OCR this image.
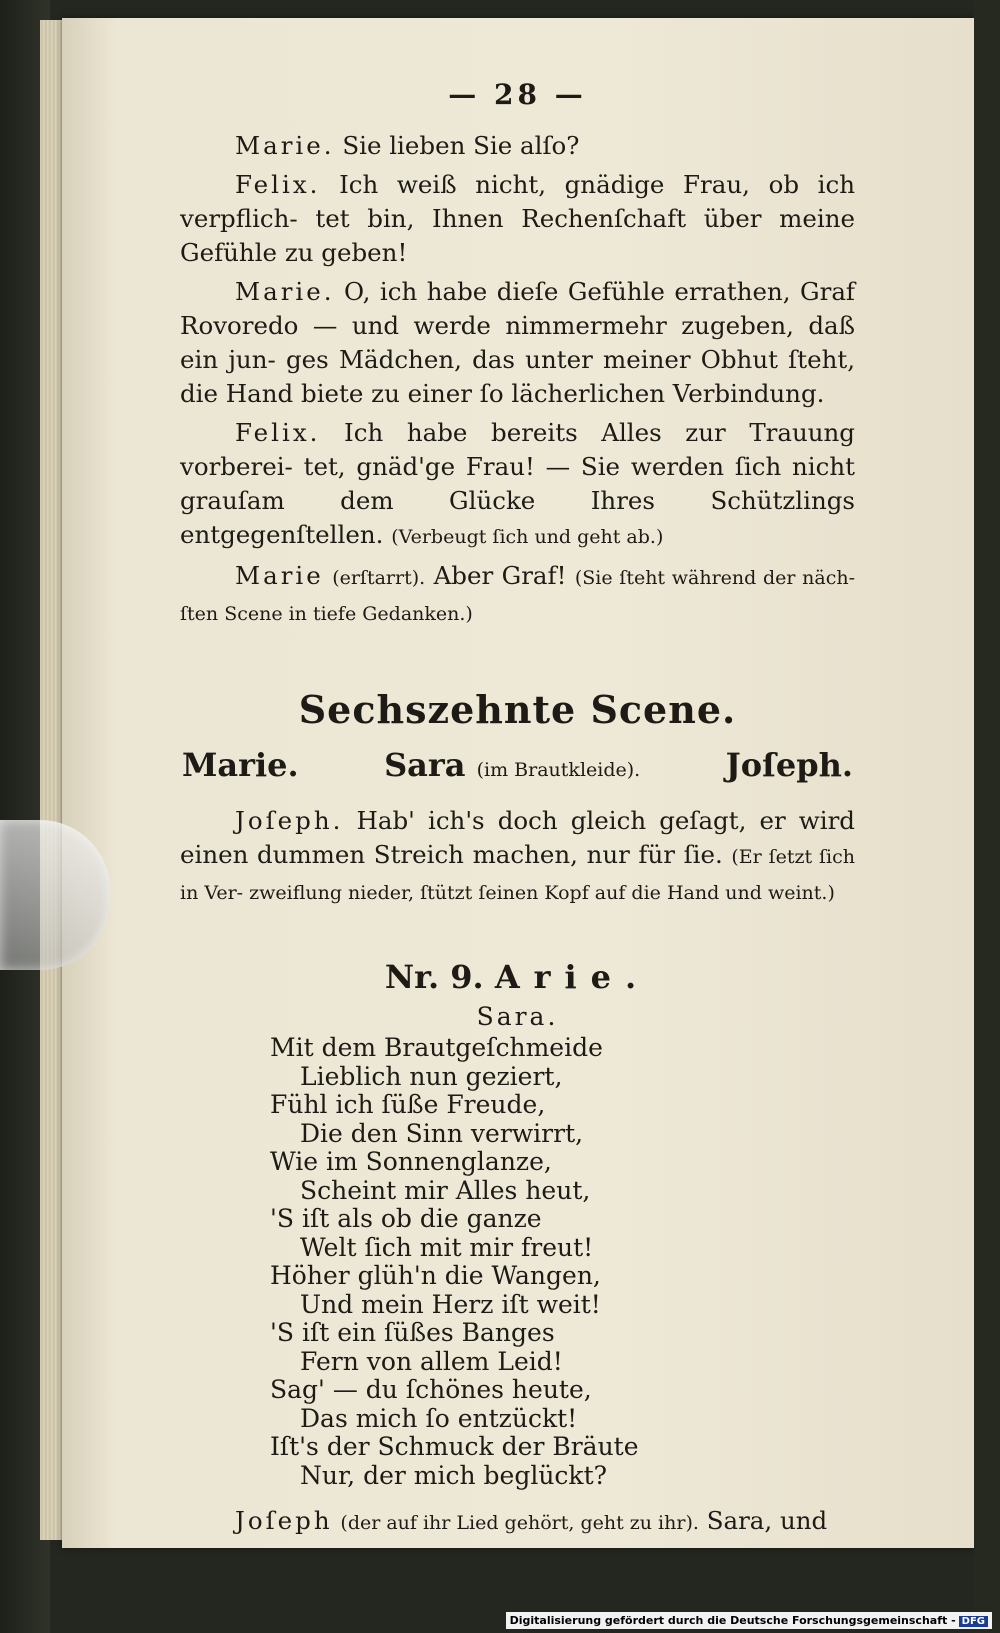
— 28 —

Marie. Sie lieben Sie alſo?

Felix. Ich weiß nicht, gnädige Frau, ob ich verpflich- tet bin, Ihnen Rechenſchaft über meine Gefühle zu geben!

Marie. O, ich habe dieſe Gefühle errathen, Graf Rovoredo — und werde nimmermehr zugeben, daß ein jun- ges Mädchen, das unter meiner Obhut ſteht, die Hand biete zu einer ſo lächerlichen Verbindung.

Felix. Ich habe bereits Alles zur Trauung vorberei- tet, gnäd'ge Frau! — Sie werden ſich nicht grauſam dem Glücke Ihres Schützlings entgegenſtellen. (Verbeugt ſich und geht ab.)

Marie (erſtarrt). Aber Graf! (Sie ſteht während der näch- ſten Scene in tiefe Gedanken.)

Sechszehnte Scene.
Marie.	Sara (im Brautkleide).	Joſeph.

Joſeph. Hab' ich's doch gleich geſagt, er wird einen dummen Streich machen, nur für ſie. (Er ſetzt ſich in Ver- zweiflung nieder, ſtützt ſeinen Kopf auf die Hand und weint.)

Nr. 9. Arie.
Sara.
Mit dem Brautgeſchmeide
Lieblich nun geziert,
Fühl ich ſüße Freude,
Die den Sinn verwirrt,
Wie im Sonnenglanze,
Scheint mir Alles heut,
'S iſt als ob die ganze
Welt ſich mit mir freut!
Höher glüh'n die Wangen,
Und mein Herz iſt weit!
'S iſt ein ſüßes Banges
Fern von allem Leid!
Sag' — du ſchönes heute,
Das mich ſo entzückt!
Iſt's der Schmuck der Bräute
Nur, der mich beglückt?

Joſeph (der auf ihr Lied gehört, geht zu ihr). Sara, und

Digitalisierung gefördert durch die Deutsche Forschungsgemeinschaft - DFG
